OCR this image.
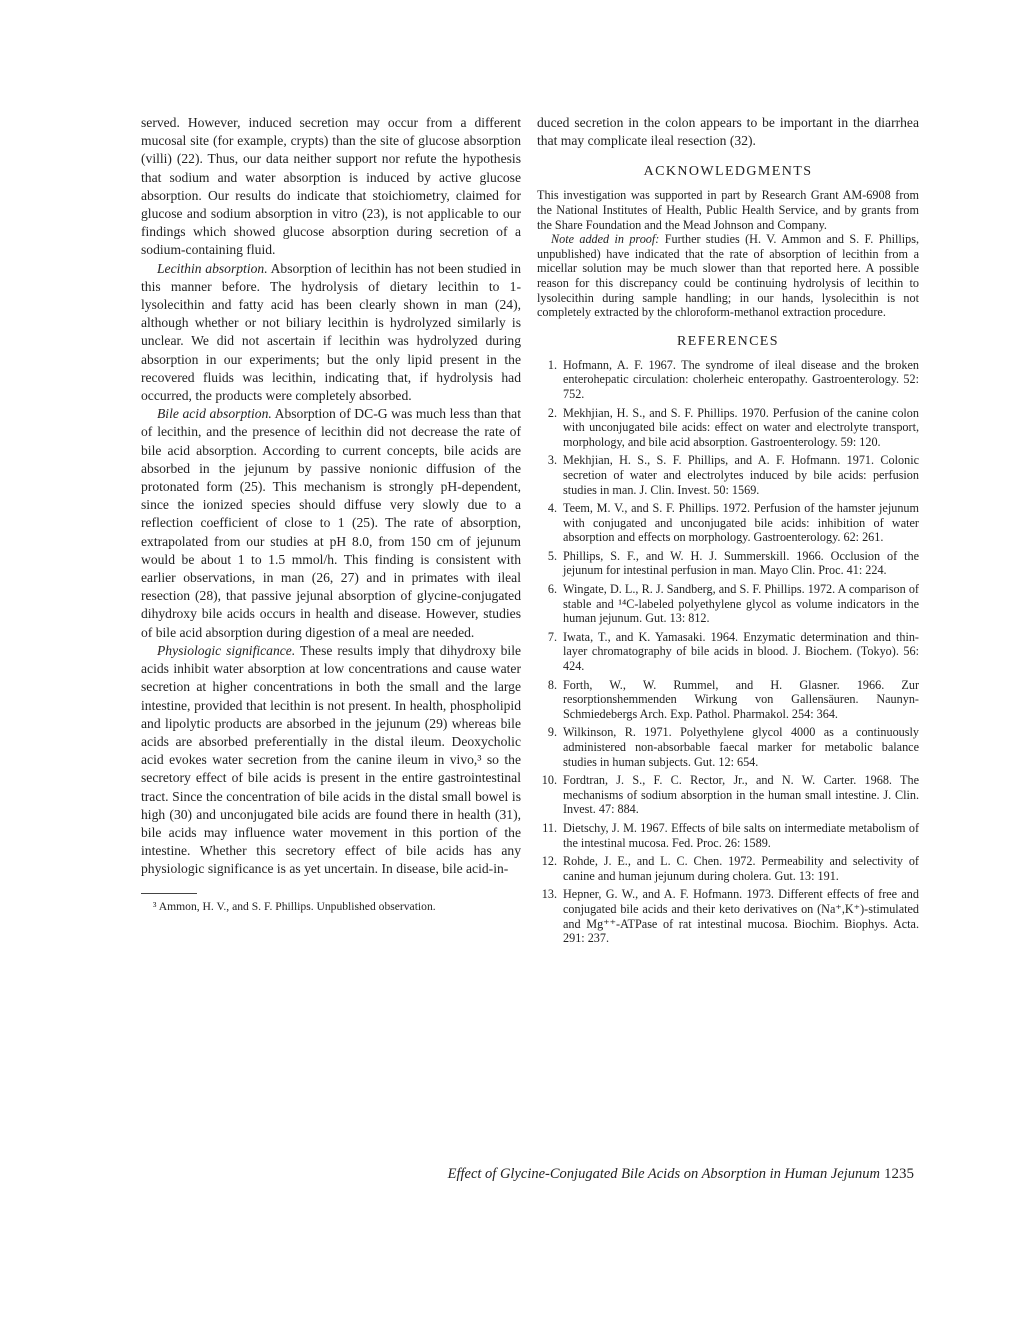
served. However, induced secretion may occur from a different mucosal site (for example, crypts) than the site of glucose absorption (villi) (22). Thus, our data neither support nor refute the hypothesis that sodium and water absorption is induced by active glucose absorption. Our results do indicate that stoichiometry, claimed for glucose and sodium absorption in vitro (23), is not applicable to our findings which showed glucose absorption during secretion of a sodium-containing fluid.

Lecithin absorption. Absorption of lecithin has not been studied in this manner before. The hydrolysis of dietary lecithin to 1-lysolecithin and fatty acid has been clearly shown in man (24), although whether or not biliary lecithin is hydrolyzed similarly is unclear. We did not ascertain if lecithin was hydrolyzed during absorption in our experiments; but the only lipid present in the recovered fluids was lecithin, indicating that, if hydrolysis had occurred, the products were completely absorbed.

Bile acid absorption. Absorption of DC-G was much less than that of lecithin, and the presence of lecithin did not decrease the rate of bile acid absorption. According to current concepts, bile acids are absorbed in the jejunum by passive nonionic diffusion of the protonated form (25). This mechanism is strongly pH-dependent, since the ionized species should diffuse very slowly due to a reflection coefficient of close to 1 (25). The rate of absorption, extrapolated from our studies at pH 8.0, from 150 cm of jejunum would be about 1 to 1.5 mmol/h. This finding is consistent with earlier observations, in man (26, 27) and in primates with ileal resection (28), that passive jejunal absorption of glycine-conjugated dihydroxy bile acids occurs in health and disease. However, studies of bile acid absorption during digestion of a meal are needed.

Physiologic significance. These results imply that dihydroxy bile acids inhibit water absorption at low concentrations and cause water secretion at higher concentrations in both the small and the large intestine, provided that lecithin is not present. In health, phospholipid and lipolytic products are absorbed in the jejunum (29) whereas bile acids are absorbed preferentially in the distal ileum. Deoxycholic acid evokes water secretion from the canine ileum in vivo,³ so the secretory effect of bile acids is present in the entire gastrointestinal tract. Since the concentration of bile acids in the distal small bowel is high (30) and unconjugated bile acids are found there in health (31), bile acids may influence water movement in this portion of the intestine. Whether this secretory effect of bile acids has any physiologic significance is as yet uncertain. In disease, bile acid-in-

³ Ammon, H. V., and S. F. Phillips. Unpublished observation.

duced secretion in the colon appears to be important in the diarrhea that may complicate ileal resection (32).

ACKNOWLEDGMENTS

This investigation was supported in part by Research Grant AM-6908 from the National Institutes of Health, Public Health Service, and by grants from the Share Foundation and the Mead Johnson and Company.

Note added in proof: Further studies (H. V. Ammon and S. F. Phillips, unpublished) have indicated that the rate of absorption of lecithin from a micellar solution may be much slower than that reported here. A possible reason for this discrepancy could be continuing hydrolysis of lecithin to lysolecithin during sample handling; in our hands, lysolecithin is not completely extracted by the chloroform-methanol extraction procedure.

REFERENCES
1. Hofmann, A. F. 1967. The syndrome of ileal disease and the broken enterohepatic circulation: cholerheic enteropathy. Gastroenterology. 52: 752.
2. Mekhjian, H. S., and S. F. Phillips. 1970. Perfusion of the canine colon with unconjugated bile acids: effect on water and electrolyte transport, morphology, and bile acid absorption. Gastroenterology. 59: 120.
3. Mekhjian, H. S., S. F. Phillips, and A. F. Hofmann. 1971. Colonic secretion of water and electrolytes induced by bile acids: perfusion studies in man. J. Clin. Invest. 50: 1569.
4. Teem, M. V., and S. F. Phillips. 1972. Perfusion of the hamster jejunum with conjugated and unconjugated bile acids: inhibition of water absorption and effects on morphology. Gastroenterology. 62: 261.
5. Phillips, S. F., and W. H. J. Summerskill. 1966. Occlusion of the jejunum for intestinal perfusion in man. Mayo Clin. Proc. 41: 224.
6. Wingate, D. L., R. J. Sandberg, and S. F. Phillips. 1972. A comparison of stable and ¹⁴C-labeled polyethylene glycol as volume indicators in the human jejunum. Gut. 13: 812.
7. Iwata, T., and K. Yamasaki. 1964. Enzymatic determination and thin-layer chromatography of bile acids in blood. J. Biochem. (Tokyo). 56: 424.
8. Forth, W., W. Rummel, and H. Glasner. 1966. Zur resorptionshemmenden Wirkung von Gallensäuren. Naunyn-Schmiedebergs Arch. Exp. Pathol. Pharmakol. 254: 364.
9. Wilkinson, R. 1971. Polyethylene glycol 4000 as a continuously administered non-absorbable faecal marker for metabolic balance studies in human subjects. Gut. 12: 654.
10. Fordtran, J. S., F. C. Rector, Jr., and N. W. Carter. 1968. The mechanisms of sodium absorption in the human small intestine. J. Clin. Invest. 47: 884.
11. Dietschy, J. M. 1967. Effects of bile salts on intermediate metabolism of the intestinal mucosa. Fed. Proc. 26: 1589.
12. Rohde, J. E., and L. C. Chen. 1972. Permeability and selectivity of canine and human jejunum during cholera. Gut. 13: 191.
13. Hepner, G. W., and A. F. Hofmann. 1973. Different effects of free and conjugated bile acids and their keto derivatives on (Na⁺,K⁺)-stimulated and Mg⁺⁺-ATPase of rat intestinal mucosa. Biochim. Biophys. Acta. 291: 237.
Effect of Glycine-Conjugated Bile Acids on Absorption in Human Jejunum 1235
